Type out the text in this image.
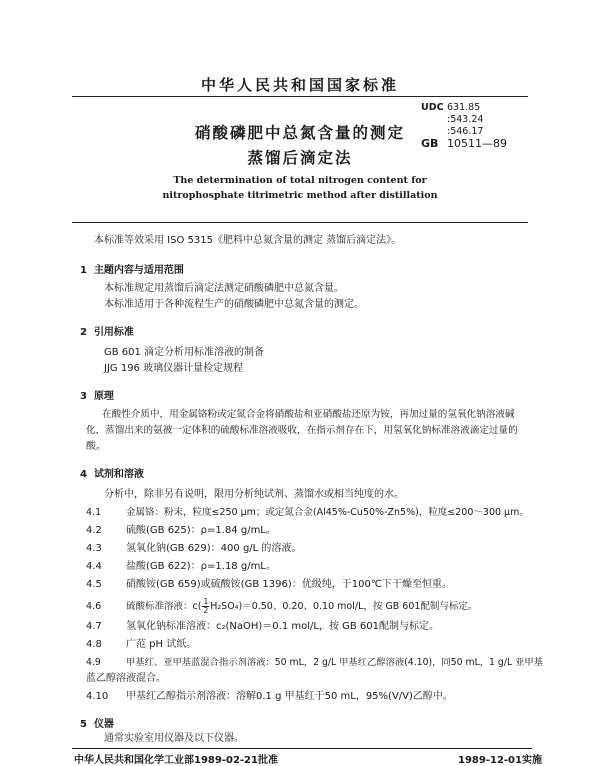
中华人民共和国国家标准
UDC 631.85
:543.24
:546.17
GB 10511—89
硝酸磷肥中总氮含量的测定
蒸馏后滴定法
The determination of total nitrogen content for
nitrophosphate titrimetric method after distillation
本标准等效采用 ISO 5315《肥料中总氮含量的测定 蒸馏后滴定法》。
1 主题内容与适用范围
本标准规定用蒸馏后滴定法测定硝酸磷肥中总氮含量。
本标准适用于各种流程生产的硝酸磷肥中总氮含量的测定。
2 引用标准
GB 601 滴定分析用标准溶液的制备
JJG 196 玻璃仪器计量检定规程
3 原理
在酸性介质中，用金属铬粉或定氮合金将硝酸盐和亚硝酸盐还原为铵，再加过量的氢氧化钠溶液碱
化，蒸馏出来的氨被一定体积的硫酸标准溶液吸收，在指示剂存在下，用氢氧化钠标准溶液滴定过量的
酸。
4 试剂和溶液
分析中，除非另有说明，限用分析纯试剂、蒸馏水或相当纯度的水。
4.1	金属铬：粉末，粒度≤250 μm；或定氮合金(Al45%-Cu50%-Zn5%)，粒度≤200～300 μm。
4.2 硫酸(GB 625)：ρ=1.84 g/mL。
4.3 氢氧化钠(GB 629)：400 g/L 的溶液。
4.4 盐酸(GB 622)：ρ=1.18 g/mL。
4.5 硝酸铵(GB 659)或硫酸铵(GB 1396)：优级纯，于100℃下干燥至恒重。
4.6	硫酸标准溶液：$c( \frac{1}{2} H_2SO_4)=0.50$、0.20、0.10 mol/L，按 GB 601配制与标定。
4.7 氢氧化钠标准溶液：c₂(NaOH)＝0.1 mol/L，按 GB 601配制与标定。
4.8 广范 pH 试纸。
4.9	甲基红、亚甲基蓝混合指示剂溶液：50 mL，2 g/L 甲基红乙醇溶液(4.10)，同50 mL，1 g/L 亚甲基
蓝乙醇溶液混合。
4.10 甲基红乙醇指示剂溶液：溶解0.1 g 甲基红于50 mL，95%(V/V)乙醇中。
5 仪器
通常实验室用仪器及以下仪器。
中华人民共和国化学工业部1989-02-21批准	1989-12-01实施
